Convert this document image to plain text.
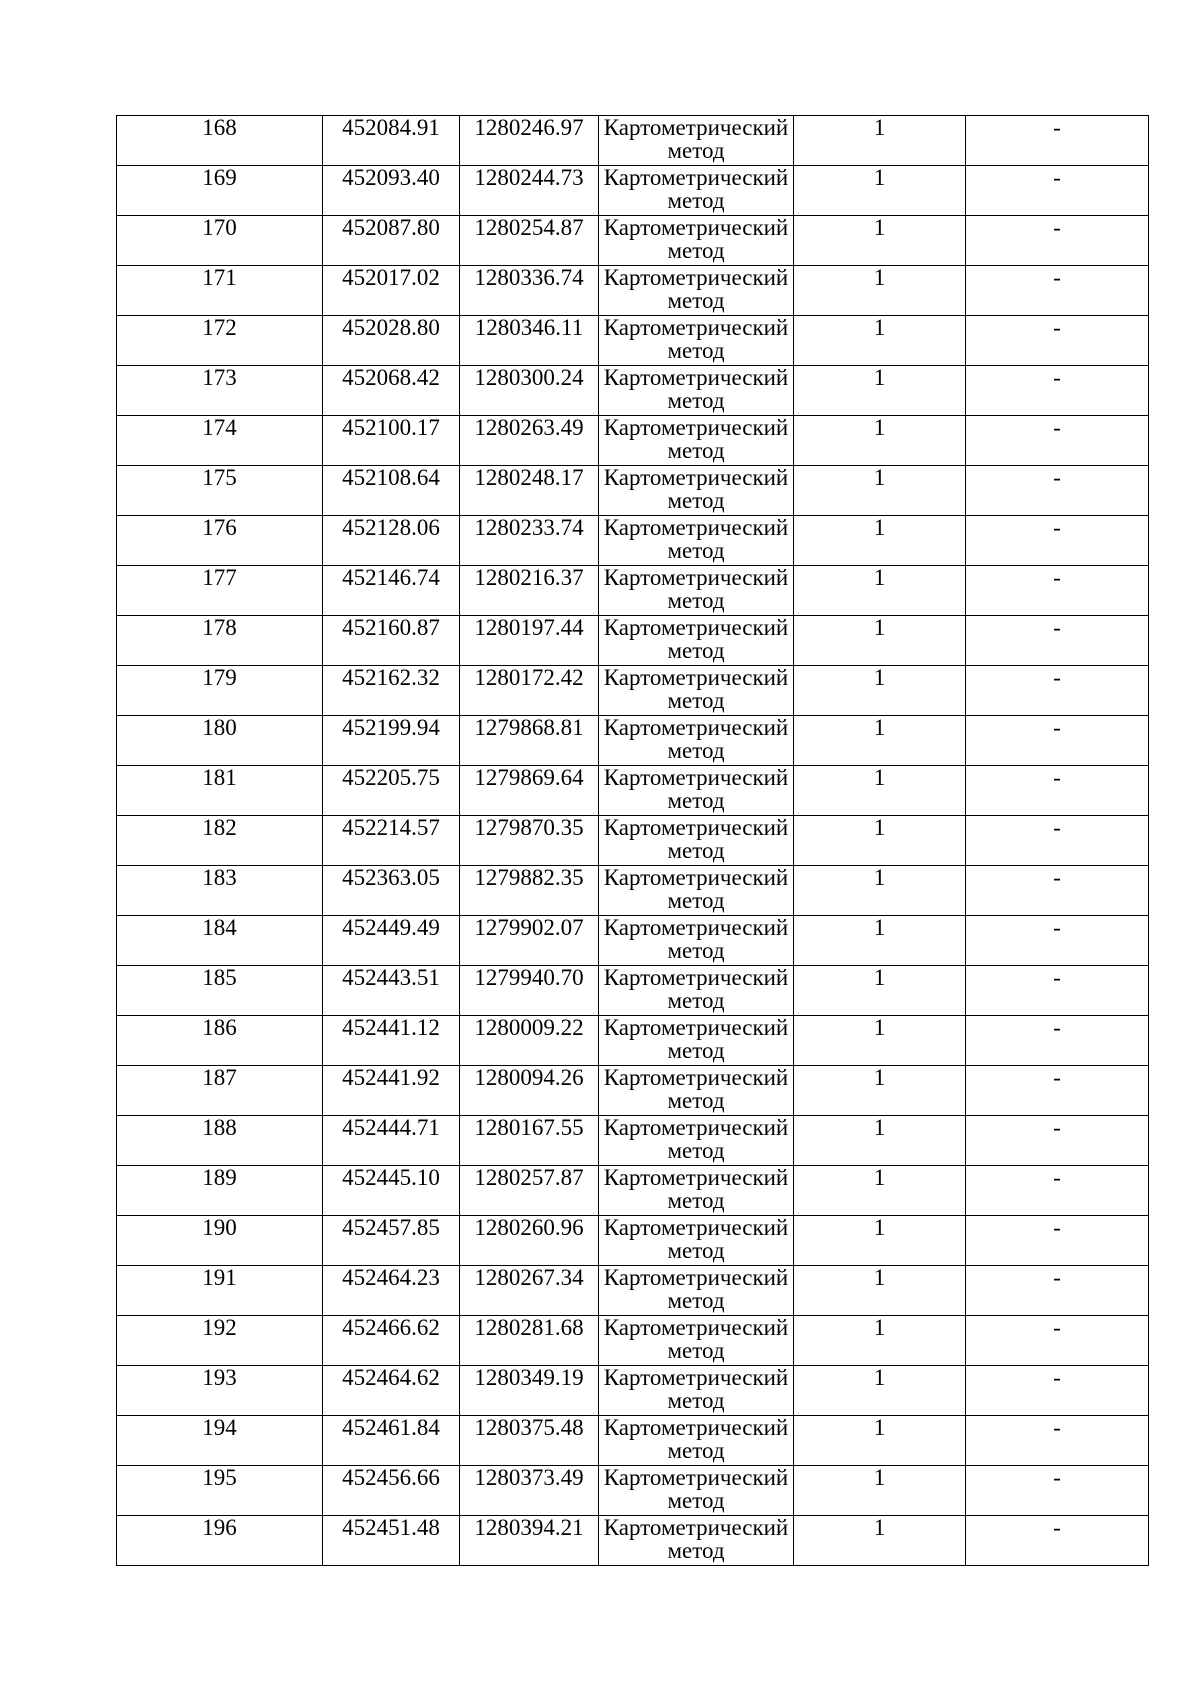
168	452084.91	1280246.97	Картометрический
метод	1	-
169	452093.40	1280244.73	Картометрический
метод	1	-
170	452087.80	1280254.87	Картометрический
метод	1	-
171	452017.02	1280336.74	Картометрический
метод	1	-
172	452028.80	1280346.11	Картометрический
метод	1	-
173	452068.42	1280300.24	Картометрический
метод	1	-
174	452100.17	1280263.49	Картометрический
метод	1	-
175	452108.64	1280248.17	Картометрический
метод	1	-
176	452128.06	1280233.74	Картометрический
метод	1	-
177	452146.74	1280216.37	Картометрический
метод	1	-
178	452160.87	1280197.44	Картометрический
метод	1	-
179	452162.32	1280172.42	Картометрический
метод	1	-
180	452199.94	1279868.81	Картометрический
метод	1	-
181	452205.75	1279869.64	Картометрический
метод	1	-
182	452214.57	1279870.35	Картометрический
метод	1	-
183	452363.05	1279882.35	Картометрический
метод	1	-
184	452449.49	1279902.07	Картометрический
метод	1	-
185	452443.51	1279940.70	Картометрический
метод	1	-
186	452441.12	1280009.22	Картометрический
метод	1	-
187	452441.92	1280094.26	Картометрический
метод	1	-
188	452444.71	1280167.55	Картометрический
метод	1	-
189	452445.10	1280257.87	Картометрический
метод	1	-
190	452457.85	1280260.96	Картометрический
метод	1	-
191	452464.23	1280267.34	Картометрический
метод	1	-
192	452466.62	1280281.68	Картометрический
метод	1	-
193	452464.62	1280349.19	Картометрический
метод	1	-
194	452461.84	1280375.48	Картометрический
метод	1	-
195	452456.66	1280373.49	Картометрический
метод	1	-
196	452451.48	1280394.21	Картометрический
метод	1	-
